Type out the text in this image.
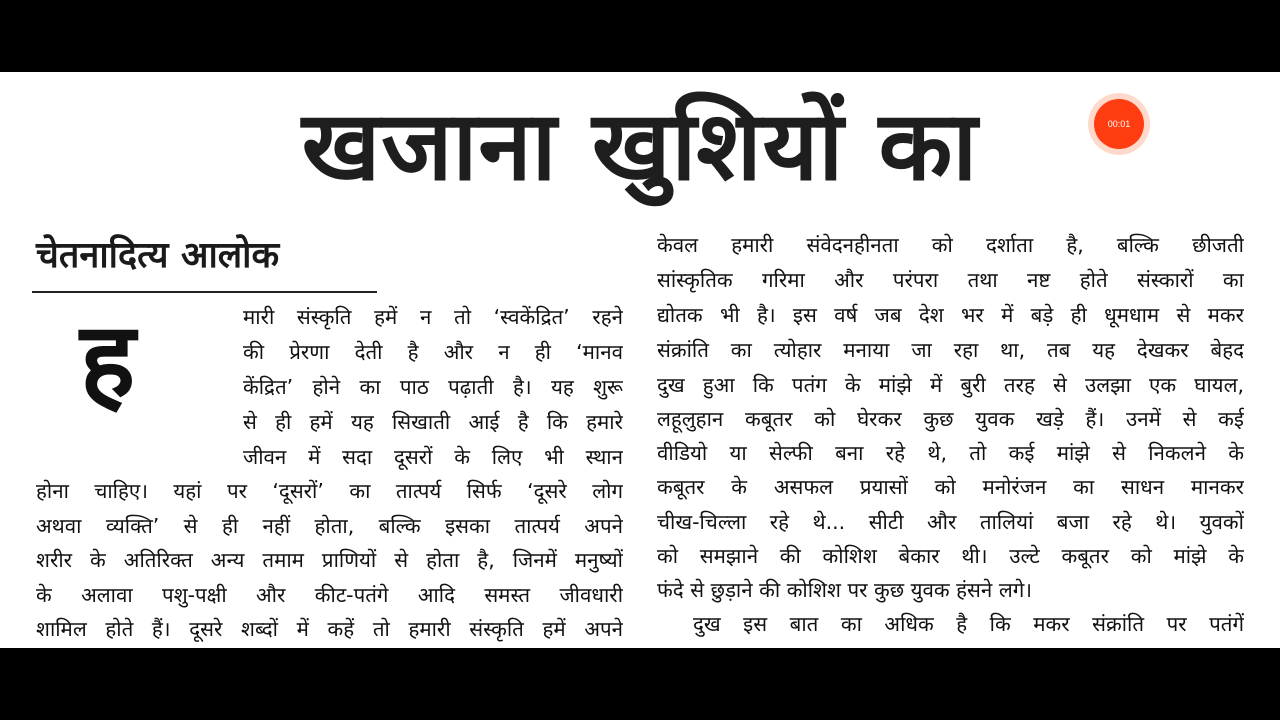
खजाना खुशियों का	00:01
चेतनादित्य आलोक
ह	मारी संस्कृति हमें न तो ‘स्वकेंद्रित’ रहने
की प्रेरणा देती है और न ही ‘मानव
केंद्रित’ होने का पाठ पढ़ाती है। यह शुरू
से ही हमें यह सिखाती आई है कि हमारे
जीवन में सदा दूसरों के लिए भी स्थान
होना चाहिए। यहां पर ‘दूसरों’ का तात्पर्य सिर्फ ‘दूसरे लोग
अथवा व्यक्ति’ से ही नहीं होता, बल्कि इसका तात्पर्य अपने
शरीर के अतिरिक्त अन्य तमाम प्राणियों से होता है, जिनमें मनुष्यों
के अलावा पशु-पक्षी और कीट-पतंगे आदि समस्त जीवधारी
शामिल होते हैं। दूसरे शब्दों में कहें तो हमारी संस्कृति हमें अपने
केवल हमारी संवेदनहीनता को दर्शाता है, बल्कि छीजती
सांस्कृतिक गरिमा और परंपरा तथा नष्ट होते संस्कारों का
द्योतक भी है। इस वर्ष जब देश भर में बड़े ही धूमधाम से मकर
संक्रांति का त्योहार मनाया जा रहा था, तब यह देखकर बेहद
दुख हुआ कि पतंग के मांझे में बुरी तरह से उलझा एक घायल,
लहूलुहान कबूतर को घेरकर कुछ युवक खड़े हैं। उनमें से कई
वीडियो या सेल्फी बना रहे थे, तो कई मांझे से निकलने के
कबूतर के असफल प्रयासों को मनोरंजन का साधन मानकर
चीख-चिल्ला रहे थे... सीटी और तालियां बजा रहे थे। युवकों
को समझाने की कोशिश बेकार थी। उल्टे कबूतर को मांझे के
फंदे से छुड़ाने की कोशिश पर कुछ युवक हंसने लगे।
दुख इस बात का अधिक है कि मकर संक्रांति पर पतंगें
